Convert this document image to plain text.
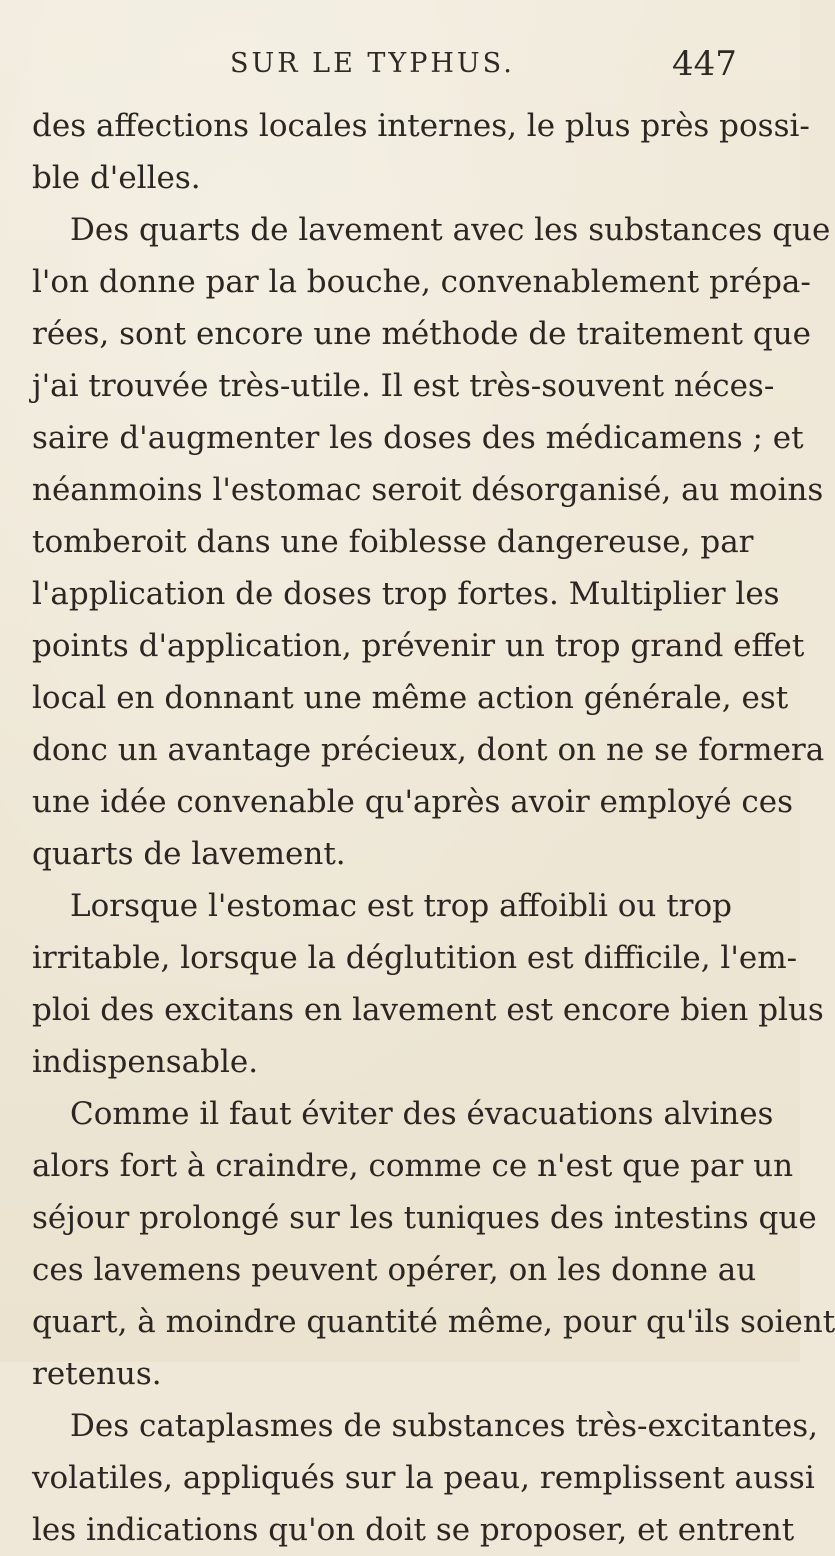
SUR LE TYPHUS.	447
des affections locales internes, le plus près possi-
ble d'elles.
Des quarts de lavement avec les substances que
l'on donne par la bouche, convenablement prépa-
rées, sont encore une méthode de traitement que
j'ai trouvée très-utile. Il est très-souvent néces-
saire d'augmenter les doses des médicamens ; et
néanmoins l'estomac seroit désorganisé, au moins
tomberoit dans une foiblesse dangereuse, par
l'application de doses trop fortes. Multiplier les
points d'application, prévenir un trop grand effet
local en donnant une même action générale, est
donc un avantage précieux, dont on ne se formera
une idée convenable qu'après avoir employé ces
quarts de lavement.
Lorsque l'estomac est trop affoibli ou trop
irritable, lorsque la déglutition est difficile, l'em-
ploi des excitans en lavement est encore bien plus
indispensable.
Comme il faut éviter des évacuations alvines
alors fort à craindre, comme ce n'est que par un
séjour prolongé sur les tuniques des intestins que
ces lavemens peuvent opérer, on les donne au
quart, à moindre quantité même, pour qu'ils soient
retenus.
Des cataplasmes de substances très-excitantes,
volatiles, appliqués sur la peau, remplissent aussi
les indications qu'on doit se proposer, et entrent
